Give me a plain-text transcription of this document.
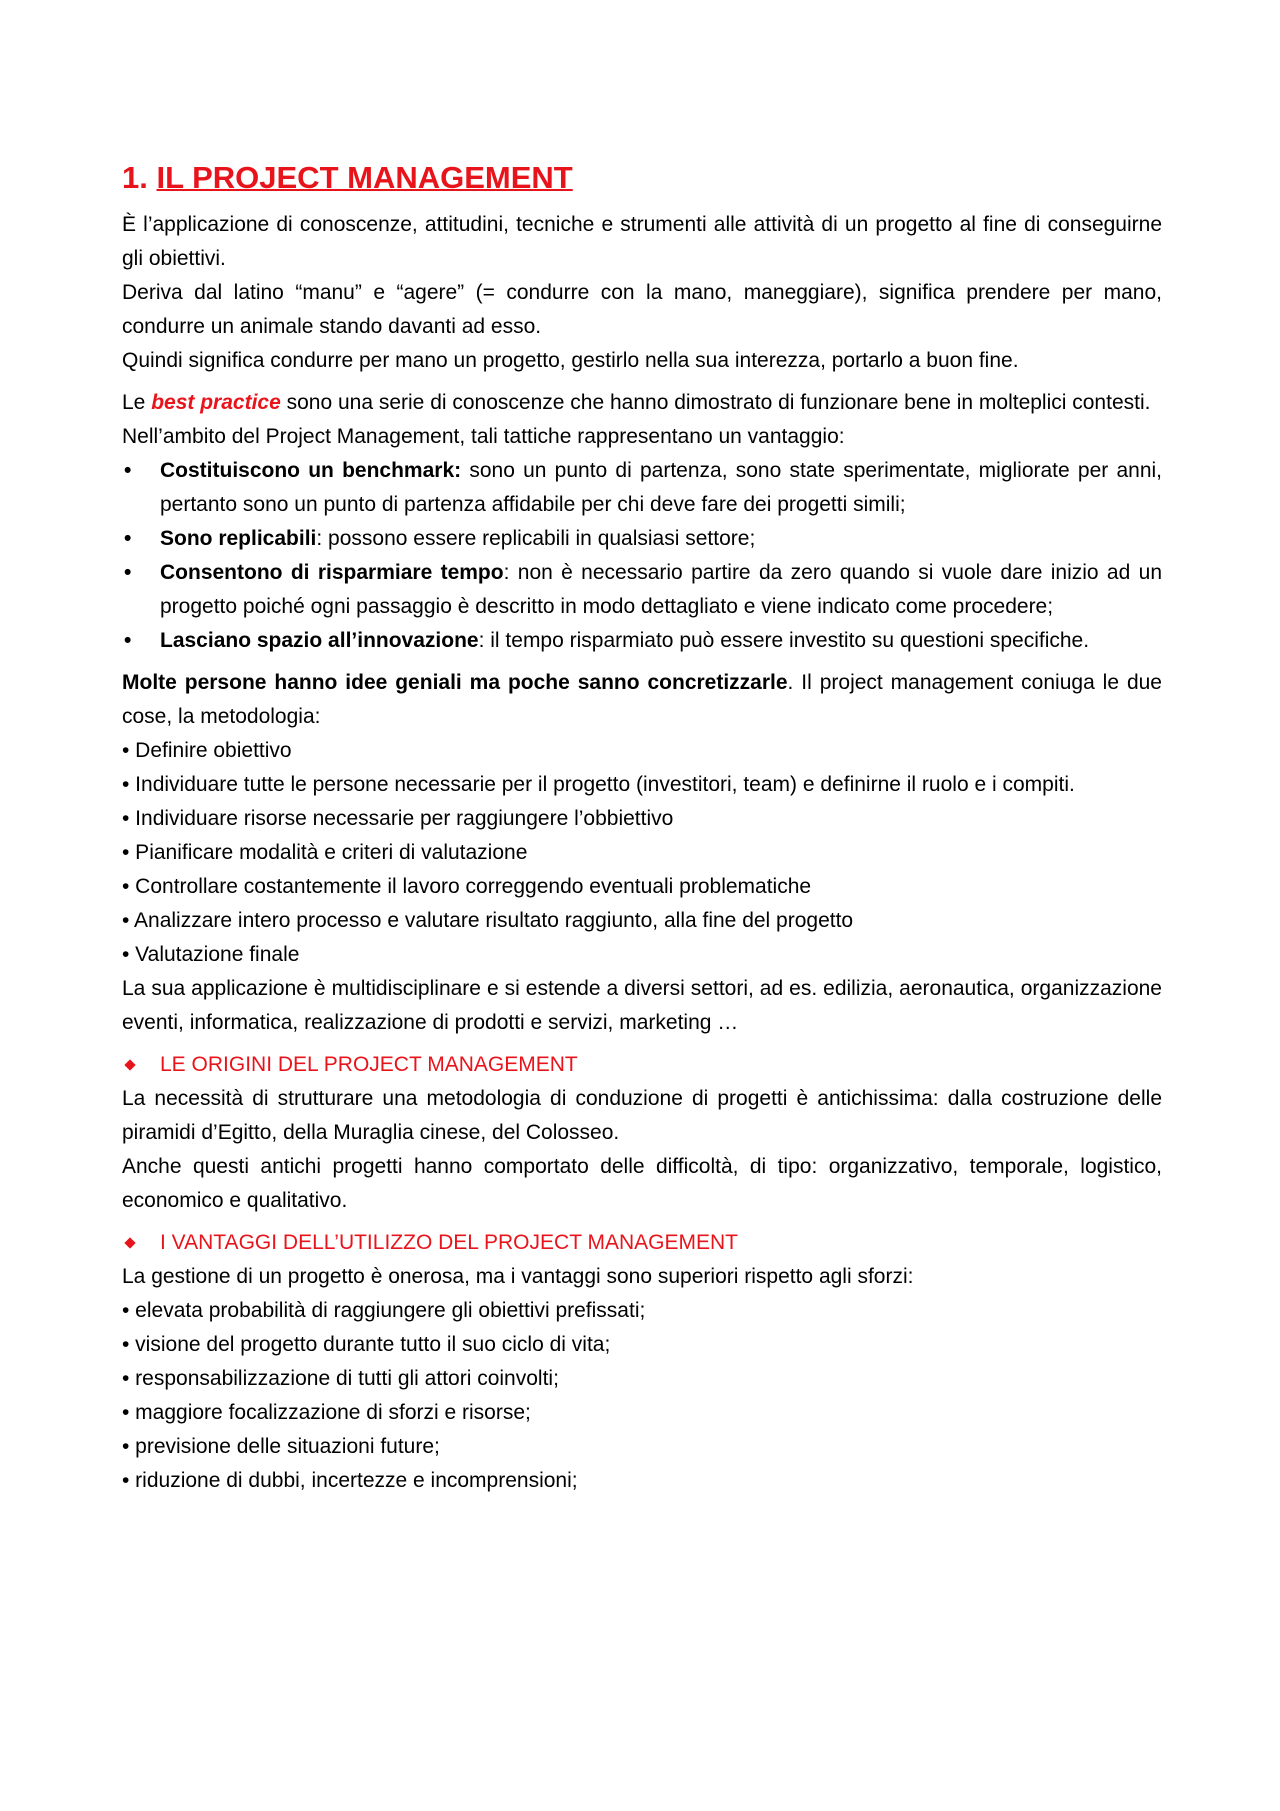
1. IL PROJECT MANAGEMENT

È l’applicazione di conoscenze, attitudini, tecniche e strumenti alle attività di un progetto al fine di conseguirne gli obiettivi.

Deriva dal latino “manu” e “agere” (= condurre con la mano, maneggiare), significa prendere per mano, condurre un animale stando davanti ad esso.

Quindi significa condurre per mano un progetto, gestirlo nella sua interezza, portarlo a buon fine.

Le best practice sono una serie di conoscenze che hanno dimostrato di funzionare bene in molteplici contesti.

Nell’ambito del Project Management, tali tattiche rappresentano un vantaggio:

• Costituiscono un benchmark: sono un punto di partenza, sono state sperimentate, migliorate per anni, pertanto sono un punto di partenza affidabile per chi deve fare dei progetti simili;
• Sono replicabili: possono essere replicabili in qualsiasi settore;
• Consentono di risparmiare tempo: non è necessario partire da zero quando si vuole dare inizio ad un progetto poiché ogni passaggio è descritto in modo dettagliato e viene indicato come procedere;
• Lasciano spazio all’innovazione: il tempo risparmiato può essere investito su questioni specifiche.

Molte persone hanno idee geniali ma poche sanno concretizzarle. Il project management coniuga le due cose, la metodologia:

• Definire obiettivo

• Individuare tutte le persone necessarie per il progetto (investitori, team) e definirne il ruolo e i compiti.

• Individuare risorse necessarie per raggiungere l’obbiettivo

• Pianificare modalità e criteri di valutazione

• Controllare costantemente il lavoro correggendo eventuali problematiche

• Analizzare intero processo e valutare risultato raggiunto, alla fine del progetto

• Valutazione finale

La sua applicazione è multidisciplinare e si estende a diversi settori, ad es. edilizia, aeronautica, organizzazione eventi, informatica, realizzazione di prodotti e servizi, marketing …

LE ORIGINI DEL PROJECT MANAGEMENT

La necessità di strutturare una metodologia di conduzione di progetti è antichissima: dalla costruzione delle piramidi d’Egitto, della Muraglia cinese, del Colosseo.

Anche questi antichi progetti hanno comportato delle difficoltà, di tipo: organizzativo, temporale, logistico, economico e qualitativo.

I VANTAGGI DELL’UTILIZZO DEL PROJECT MANAGEMENT

La gestione di un progetto è onerosa, ma i vantaggi sono superiori rispetto agli sforzi:

• elevata probabilità di raggiungere gli obiettivi prefissati;

• visione del progetto durante tutto il suo ciclo di vita;

• responsabilizzazione di tutti gli attori coinvolti;

• maggiore focalizzazione di sforzi e risorse;

• previsione delle situazioni future;

• riduzione di dubbi, incertezze e incomprensioni;
